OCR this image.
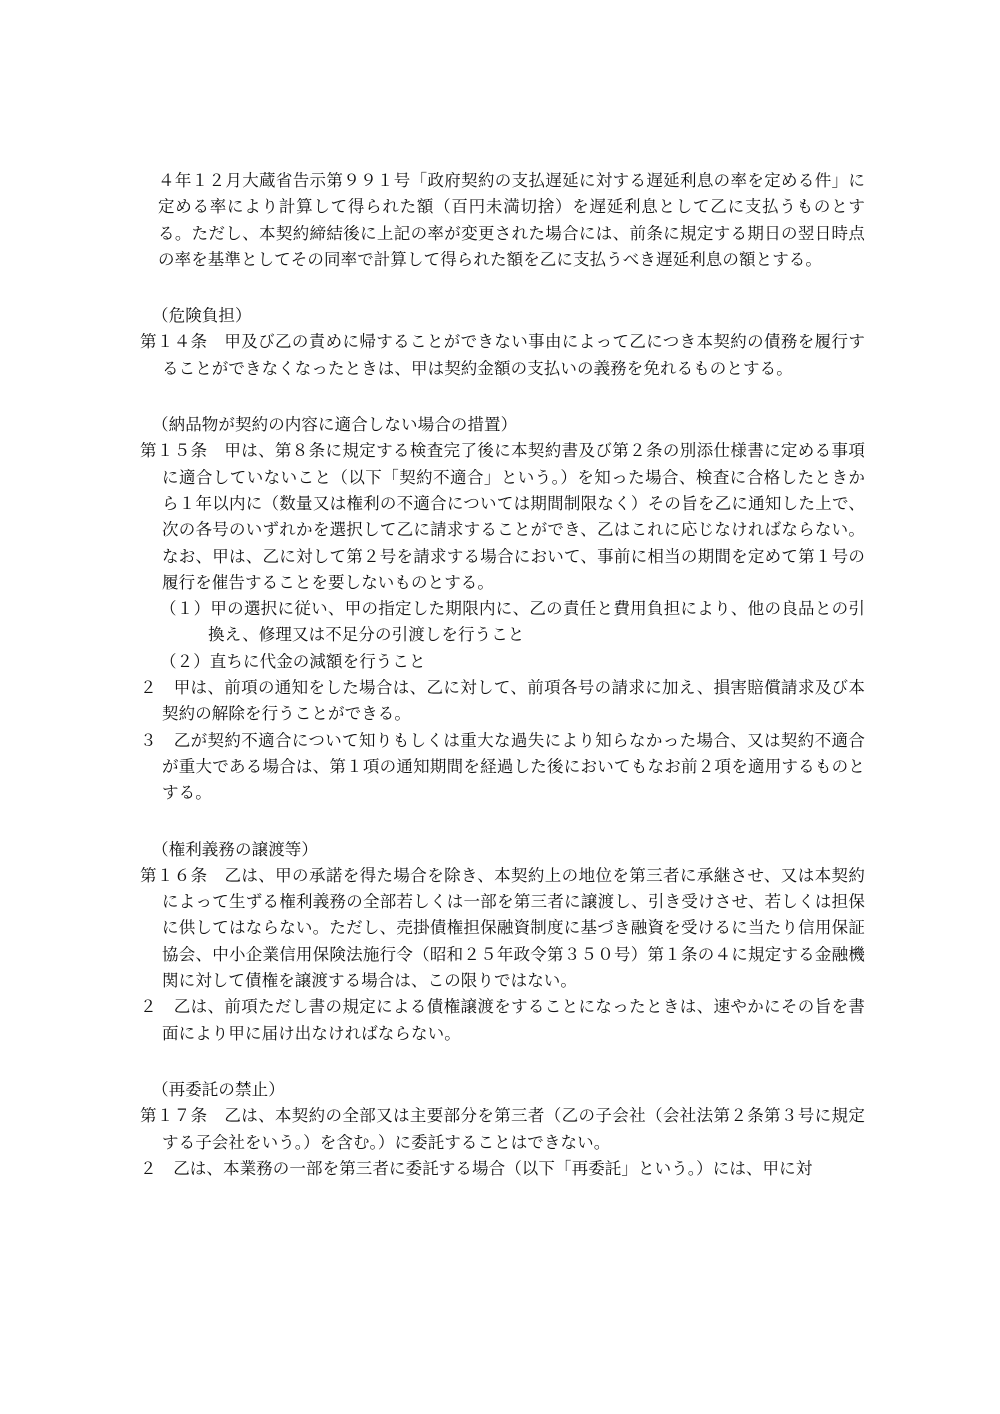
４年１２月大蔵省告示第９９１号「政府契約の支払遅延に対する遅延利息の率を定める件」に定める率により計算して得られた額（百円未満切捨）を遅延利息として乙に支払うものとする。ただし、本契約締結後に上記の率が変更された場合には、前条に規定する期日の翌日時点の率を基準としてその同率で計算して得られた額を乙に支払うべき遅延利息の額とする。

（危険負担）

第１４条　甲及び乙の責めに帰することができない事由によって乙につき本契約の債務を履行することができなくなったときは、甲は契約金額の支払いの義務を免れるものとする。

（納品物が契約の内容に適合しない場合の措置）

第１５条　甲は、第８条に規定する検査完了後に本契約書及び第２条の別添仕様書に定める事項に適合していないこと（以下「契約不適合」という。）を知った場合、検査に合格したときから１年以内に（数量又は権利の不適合については期間制限なく）その旨を乙に通知した上で、次の各号のいずれかを選択して乙に請求することができ、乙はこれに応じなければならない。なお、甲は、乙に対して第２号を請求する場合において、事前に相当の期間を定めて第１号の履行を催告することを要しないものとする。

（１）甲の選択に従い、甲の指定した期限内に、乙の責任と費用負担により、他の良品との引換え、修理又は不足分の引渡しを行うこと

（２）直ちに代金の減額を行うこと

２　甲は、前項の通知をした場合は、乙に対して、前項各号の請求に加え、損害賠償請求及び本契約の解除を行うことができる。

３　乙が契約不適合について知りもしくは重大な過失により知らなかった場合、又は契約不適合が重大である場合は、第１項の通知期間を経過した後においてもなお前２項を適用するものとする。

（権利義務の譲渡等）

第１６条　乙は、甲の承諾を得た場合を除き、本契約上の地位を第三者に承継させ、又は本契約によって生ずる権利義務の全部若しくは一部を第三者に譲渡し、引き受けさせ、若しくは担保に供してはならない。ただし、売掛債権担保融資制度に基づき融資を受けるに当たり信用保証協会、中小企業信用保険法施行令（昭和２５年政令第３５０号）第１条の４に規定する金融機関に対して債権を譲渡する場合は、この限りではない。

２　乙は、前項ただし書の規定による債権譲渡をすることになったときは、速やかにその旨を書面により甲に届け出なければならない。

（再委託の禁止）

第１７条　乙は、本契約の全部又は主要部分を第三者（乙の子会社（会社法第２条第３号に規定する子会社をいう。）を含む。）に委託することはできない。

２　乙は、本業務の一部を第三者に委託する場合（以下「再委託」という。）には、甲に対
